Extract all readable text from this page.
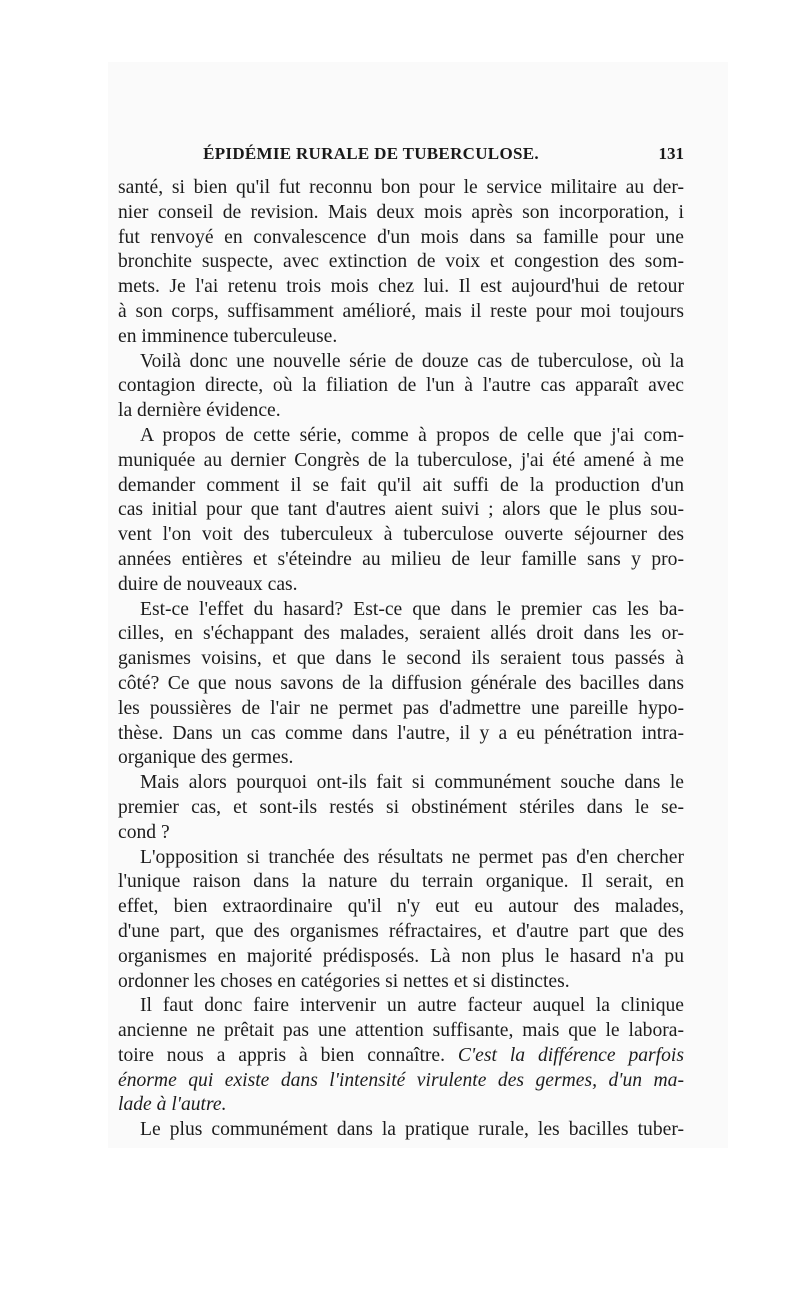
ÉPIDÉMIE RURALE DE TUBERCULOSE.	131

santé, si bien qu'il fut reconnu bon pour le service militaire au der-
nier conseil de revision. Mais deux mois après son incorporation, i
fut renvoyé en convalescence d'un mois dans sa famille pour une
bronchite suspecte, avec extinction de voix et congestion des som-
mets. Je l'ai retenu trois mois chez lui. Il est aujourd'hui de retour
à son corps, suffisamment amélioré, mais il reste pour moi toujours
en imminence tuberculeuse.

Voilà donc une nouvelle série de douze cas de tuberculose, où la
contagion directe, où la filiation de l'un à l'autre cas apparaît avec
la dernière évidence.

A propos de cette série, comme à propos de celle que j'ai com-
muniquée au dernier Congrès de la tuberculose, j'ai été amené à me
demander comment il se fait qu'il ait suffi de la production d'un
cas initial pour que tant d'autres aient suivi ; alors que le plus sou-
vent l'on voit des tuberculeux à tuberculose ouverte séjourner des
années entières et s'éteindre au milieu de leur famille sans y pro-
duire de nouveaux cas.

Est-ce l'effet du hasard? Est-ce que dans le premier cas les ba-
cilles, en s'échappant des malades, seraient allés droit dans les or-
ganismes voisins, et que dans le second ils seraient tous passés à
côté? Ce que nous savons de la diffusion générale des bacilles dans
les poussières de l'air ne permet pas d'admettre une pareille hypo-
thèse. Dans un cas comme dans l'autre, il y a eu pénétration intra-
organique des germes.

Mais alors pourquoi ont-ils fait si communément souche dans le
premier cas, et sont-ils restés si obstinément stériles dans le se-
cond ?

L'opposition si tranchée des résultats ne permet pas d'en chercher
l'unique raison dans la nature du terrain organique. Il serait, en
effet, bien extraordinaire qu'il n'y eut eu autour des malades,
d'une part, que des organismes réfractaires, et d'autre part que des
organismes en majorité prédisposés. Là non plus le hasard n'a pu
ordonner les choses en catégories si nettes et si distinctes.

Il faut donc faire intervenir un autre facteur auquel la clinique
ancienne ne prêtait pas une attention suffisante, mais que le labora-
toire nous a appris à bien connaître. C'est la différence parfois
énorme qui existe dans l'intensité virulente des germes, d'un ma-
lade à l'autre.

Le plus communément dans la pratique rurale, les bacilles tuber-
